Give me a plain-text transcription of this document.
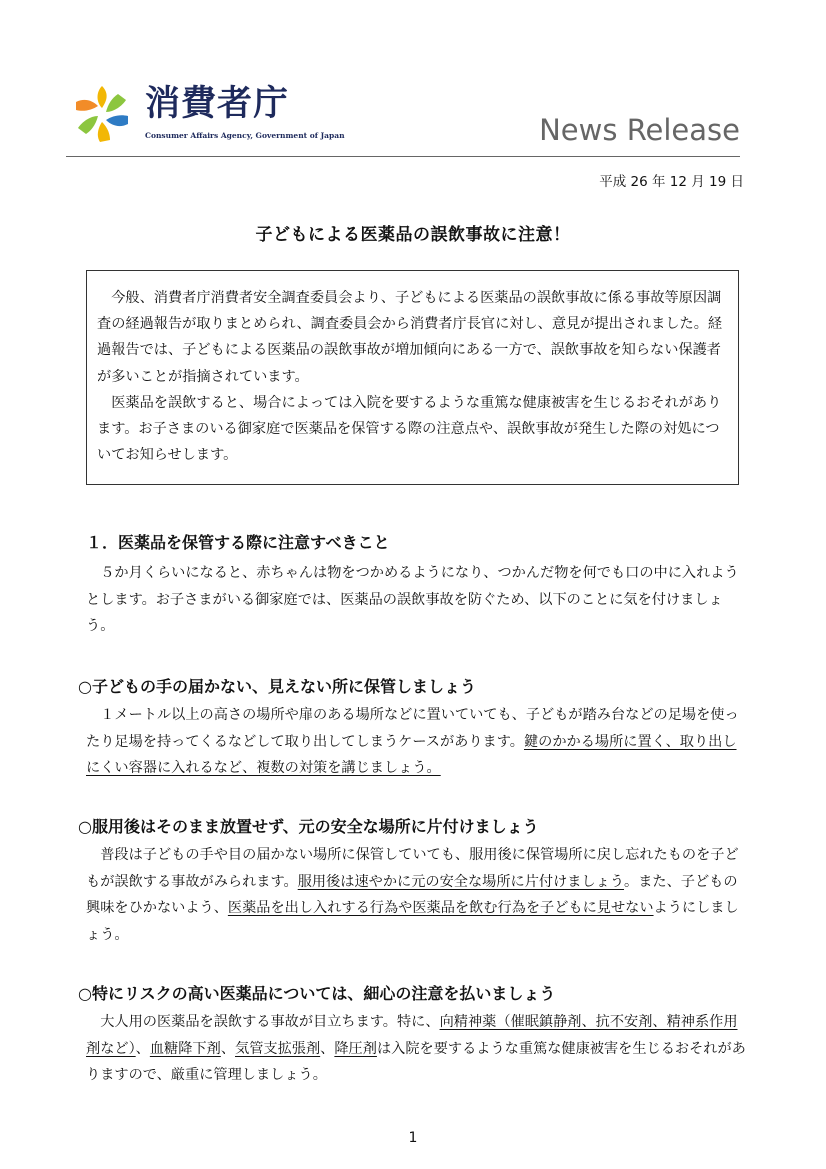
消費者庁
Consumer Affairs Agency, Government of Japan	News Release
平成 26 年 12 月 19 日
子どもによる医薬品の誤飲事故に注意！

今般、消費者庁消費者安全調査委員会より、子どもによる医薬品の誤飲事故に係る事故等原因調査の経過報告が取りまとめられ、調査委員会から消費者庁長官に対し、意見が提出されました。経過報告では、子どもによる医薬品の誤飲事故が増加傾向にある一方で、誤飲事故を知らない保護者が多いことが指摘されています。

医薬品を誤飲すると、場合によっては入院を要するような重篤な健康被害を生じるおそれがあります。お子さまのいる御家庭で医薬品を保管する際の注意点や、誤飲事故が発生した際の対処についてお知らせします。

１．医薬品を保管する際に注意すべきこと

５か月くらいになると、赤ちゃんは物をつかめるようになり、つかんだ物を何でも口の中に入れようとします。お子さまがいる御家庭では、医薬品の誤飲事故を防ぐため、以下のことに気を付けましょう。

○子どもの手の届かない、見えない所に保管しましょう

１メートル以上の高さの場所や扉のある場所などに置いていても、子どもが踏み台などの足場を使ったり足場を持ってくるなどして取り出してしまうケースがあります。鍵のかかる場所に置く、取り出しにくい容器に入れるなど、複数の対策を講じましょう。

○服用後はそのまま放置せず、元の安全な場所に片付けましょう

普段は子どもの手や目の届かない場所に保管していても、服用後に保管場所に戻し忘れたものを子どもが誤飲する事故がみられます。服用後は速やかに元の安全な場所に片付けましょう。また、子どもの興味をひかないよう、医薬品を出し入れする行為や医薬品を飲む行為を子どもに見せないようにしましょう。

○特にリスクの高い医薬品については、細心の注意を払いましょう

大人用の医薬品を誤飲する事故が目立ちます。特に、向精神薬（催眠鎮静剤、抗不安剤、精神系作用剤など）、血糖降下剤、気管支拡張剤、降圧剤は入院を要するような重篤な健康被害を生じるおそれがありますので、厳重に管理しましょう。

1
